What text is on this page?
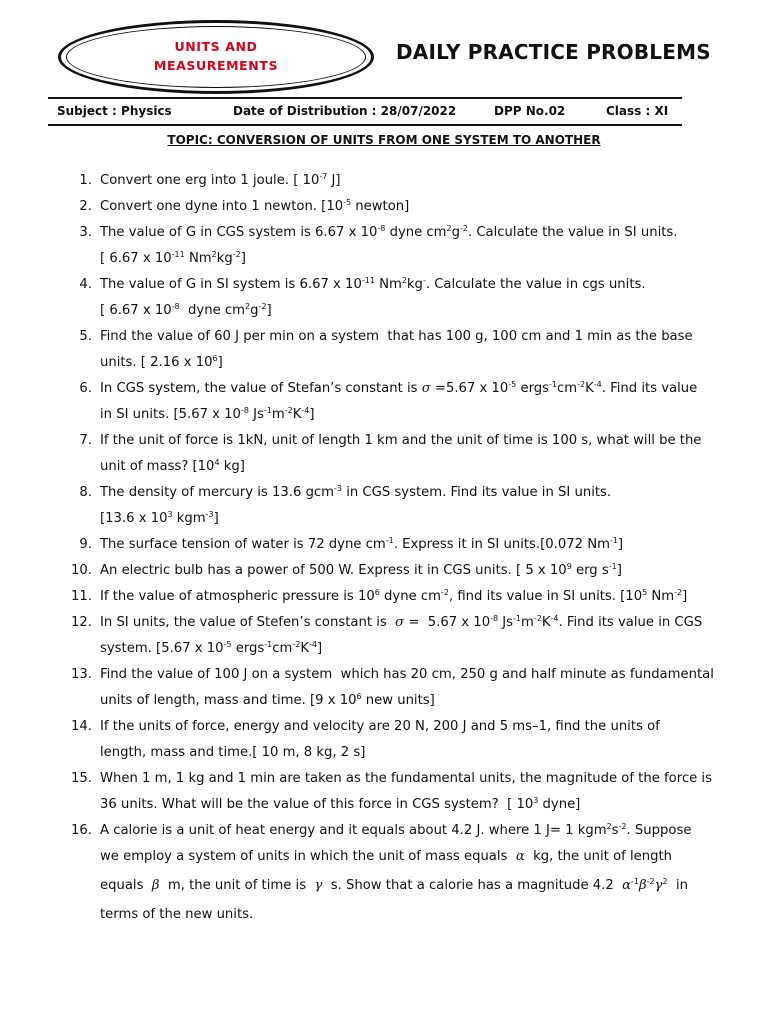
UNITS AND
MEASUREMENTS
DAILY PRACTICE PROBLEMS
Subject : Physics	Date of Distribution : 28/07/2022	DPP No.02	Class : XI
TOPIC: CONVERSION OF UNITS FROM ONE SYSTEM TO ANOTHER
1. Convert one erg into 1 joule. [ $10^{-7}$ J]
2. Convert one dyne into 1 newton. [$10^{-5}$ newton]
3. The value of G in CGS system is 6.67 x $10^{-8}$ dyne $cm^2g^{-2}$. Calculate the value in SI units.
[ 6.67 x $10^{-11}$ $Nm^2kg^{-2}$]
4. The value of G in SI system is 6.67 x $10^{-11}$ Nm$^2$kg-. Calculate the value in cgs units.
[ 6.67 x $10^{-8}$  dyne $cm^2g^{-2}$]
5. Find the value of 60 J per min on a system  that has 100 g, 100 cm and 1 min as the base
units. [ 2.16 x $10^6$]
6. In CGS system, the value of Stefan’s constant is σ =5.67 x $10^{-5}$ $ergs^{-1}cm^{-2}K^{-4}$. Find its value
in SI units. [5.67 x $10^{-8}$ $Js^{-1}m^{-2}K^{-4}$]
7. If the unit of force is 1kN, unit of length 1 km and the unit of time is 100 s, what will be the
unit of mass? [$10^4$ kg]
8. The density of mercury is 13.6 gcm$^{-3}$ in CGS system. Find its value in SI units.
[13.6 x $10^3$ kgm$^{-3}$]
9. The surface tension of water is 72 dyne $cm^{-1}$. Express it in SI units.[0.072 $Nm^{-1}$]
10. An electric bulb has a power of 500 W. Express it in CGS units. [ 5 x $10^9$ erg $s^{-1}$]
11. If the value of atmospheric pressure is $10^6$ dyne $cm^{-2}$, find its value in SI units. [$10^5$ $Nm^{-2}$]
12. In SI units, the value of Stefen’s constant is  σ =  5.67 x $10^{-8}$ $Js^{-1}m^{-2}K^{-4}$. Find its value in CGS
system. [5.67 x $10^{-5}$ $ergs^{-1}cm^{-2}K^{-4}$]
13. Find the value of 100 J on a system  which has 20 cm, 250 g and half minute as fundamental
units of length, mass and time. [9 x $10^6$ new units]
14. If the units of force, energy and velocity are 20 N, 200 J and 5 ms–1, find the units of
length, mass and time.[ 10 m, 8 kg, 2 s]
15. When 1 m, 1 kg and 1 min are taken as the fundamental units, the magnitude of the force is
36 units. What will be the value of this force in CGS system?  [ $10^3$ dyne]
16. A calorie is a unit of heat energy and it equals about 4.2 J. where 1 J= 1 $kgm^2s^{-2}$. Suppose
we employ a system of units in which the unit of mass equals  α  kg, the unit of length
equals  β  m, the unit of time is  γ  s. Show that a calorie has a magnitude 4.2  $\alpha^{-1}\beta^{-2}\gamma^2$  in
terms of the new units.
